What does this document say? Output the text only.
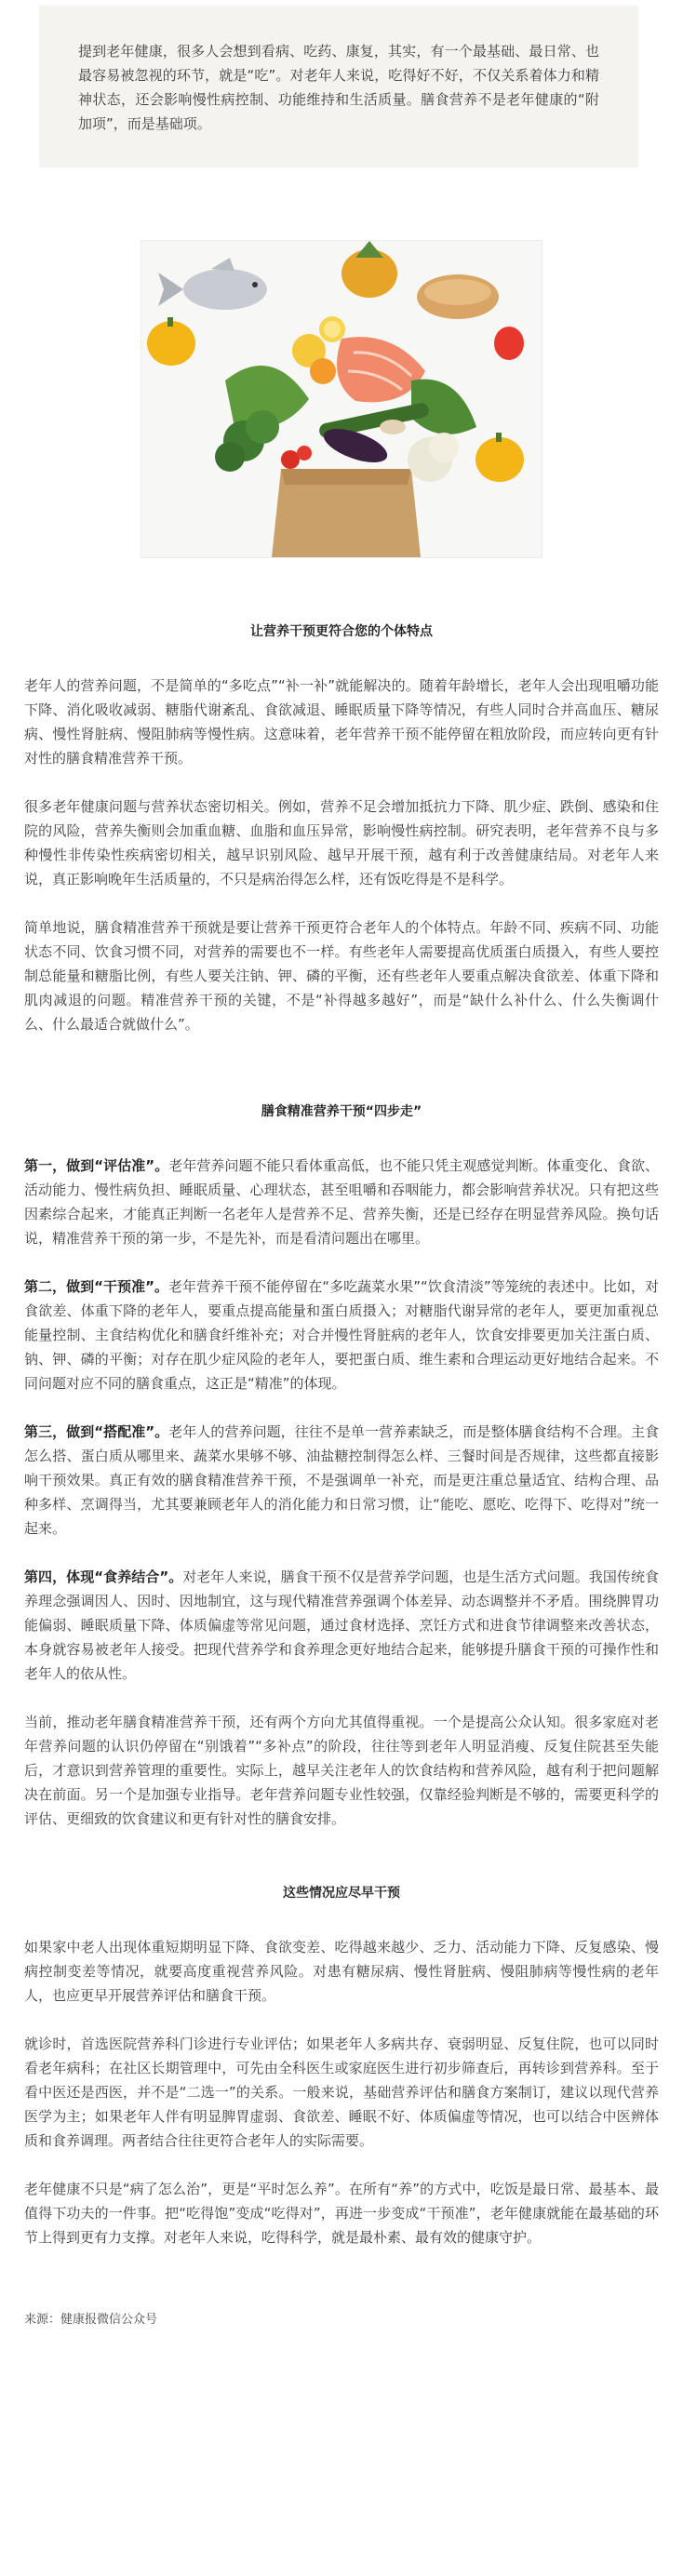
提到老年健康，很多人会想到看病、吃药、康复，其实，有一个最基础、最日常、也最容易被忽视的环节，就是“吃”。对老年人来说，吃得好不好，不仅关系着体力和精神状态，还会影响慢性病控制、功能维持和生活质量。膳食营养不是老年健康的“附加项”，而是基础项。
让营养干预更符合您的个体特点
老年人的营养问题，不是简单的“多吃点”“补一补”就能解决的。随着年龄增长，老年人会出现咀嚼功能下降、消化吸收减弱、糖脂代谢紊乱、食欲减退、睡眠质量下降等情况，有些人同时合并高血压、糖尿病、慢性肾脏病、慢阻肺病等慢性病。这意味着，老年营养干预不能停留在粗放阶段，而应转向更有针对性的膳食精准营养干预。
很多老年健康问题与营养状态密切相关。例如，营养不足会增加抵抗力下降、肌少症、跌倒、感染和住院的风险，营养失衡则会加重血糖、血脂和血压异常，影响慢性病控制。研究表明，老年营养不良与多种慢性非传染性疾病密切相关，越早识别风险、越早开展干预，越有利于改善健康结局。对老年人来说，真正影响晚年生活质量的，不只是病治得怎么样，还有饭吃得是不是科学。
简单地说，膳食精准营养干预就是要让营养干预更符合老年人的个体特点。年龄不同、疾病不同、功能状态不同、饮食习惯不同，对营养的需要也不一样。有些老年人需要提高优质蛋白质摄入，有些人要控制总能量和糖脂比例，有些人要关注钠、钾、磷的平衡，还有些老年人要重点解决食欲差、体重下降和肌肉减退的问题。精准营养干预的关键，不是“补得越多越好”，而是“缺什么补什么、什么失衡调什么、什么最适合就做什么”。
膳食精准营养干预“四步走”
第一，做到“评估准”。老年营养问题不能只看体重高低，也不能只凭主观感觉判断。体重变化、食欲、活动能力、慢性病负担、睡眠质量、心理状态，甚至咀嚼和吞咽能力，都会影响营养状况。只有把这些因素综合起来，才能真正判断一名老年人是营养不足、营养失衡，还是已经存在明显营养风险。换句话说，精准营养干预的第一步，不是先补，而是看清问题出在哪里。
第二，做到“干预准”。老年营养干预不能停留在“多吃蔬菜水果”“饮食清淡”等笼统的表述中。比如，对食欲差、体重下降的老年人，要重点提高能量和蛋白质摄入；对糖脂代谢异常的老年人，要更加重视总能量控制、主食结构优化和膳食纤维补充；对合并慢性肾脏病的老年人，饮食安排要更加关注蛋白质、钠、钾、磷的平衡；对存在肌少症风险的老年人，要把蛋白质、维生素和合理运动更好地结合起来。不同问题对应不同的膳食重点，这正是“精准”的体现。
第三，做到“搭配准”。老年人的营养问题，往往不是单一营养素缺乏，而是整体膳食结构不合理。主食怎么搭、蛋白质从哪里来、蔬菜水果够不够、油盐糖控制得怎么样、三餐时间是否规律，这些都直接影响干预效果。真正有效的膳食精准营养干预，不是强调单一补充，而是更注重总量适宜、结构合理、品种多样、烹调得当，尤其要兼顾老年人的消化能力和日常习惯，让“能吃、愿吃、吃得下、吃得对”统一起来。
第四，体现“食养结合”。对老年人来说，膳食干预不仅是营养学问题，也是生活方式问题。我国传统食养理念强调因人、因时、因地制宜，这与现代精准营养强调个体差异、动态调整并不矛盾。围绕脾胃功能偏弱、睡眠质量下降、体质偏虚等常见问题，通过食材选择、烹饪方式和进食节律调整来改善状态，本身就容易被老年人接受。把现代营养学和食养理念更好地结合起来，能够提升膳食干预的可操作性和老年人的依从性。
当前，推动老年膳食精准营养干预，还有两个方向尤其值得重视。一个是提高公众认知。很多家庭对老年营养问题的认识仍停留在“别饿着”“多补点”的阶段，往往等到老年人明显消瘦、反复住院甚至失能后，才意识到营养管理的重要性。实际上，越早关注老年人的饮食结构和营养风险，越有利于把问题解决在前面。另一个是加强专业指导。老年营养问题专业性较强，仅靠经验判断是不够的，需要更科学的评估、更细致的饮食建议和更有针对性的膳食安排。
这些情况应尽早干预
如果家中老人出现体重短期明显下降、食欲变差、吃得越来越少、乏力、活动能力下降、反复感染、慢病控制变差等情况，就要高度重视营养风险。对患有糖尿病、慢性肾脏病、慢阻肺病等慢性病的老年人，也应更早开展营养评估和膳食干预。
就诊时，首选医院营养科门诊进行专业评估；如果老年人多病共存、衰弱明显、反复住院，也可以同时看老年病科；在社区长期管理中，可先由全科医生或家庭医生进行初步筛查后，再转诊到营养科。至于看中医还是西医，并不是“二选一”的关系。一般来说，基础营养评估和膳食方案制订，建议以现代营养医学为主；如果老年人伴有明显脾胃虚弱、食欲差、睡眠不好、体质偏虚等情况，也可以结合中医辨体质和食养调理。两者结合往往更符合老年人的实际需要。
老年健康不只是“病了怎么治”，更是“平时怎么养”。在所有“养”的方式中，吃饭是最日常、最基本、最值得下功夫的一件事。把“吃得饱”变成“吃得对”，再进一步变成“干预准”，老年健康就能在最基础的环节上得到更有力支撑。对老年人来说，吃得科学，就是最朴素、最有效的健康守护。
来源：健康报微信公众号
